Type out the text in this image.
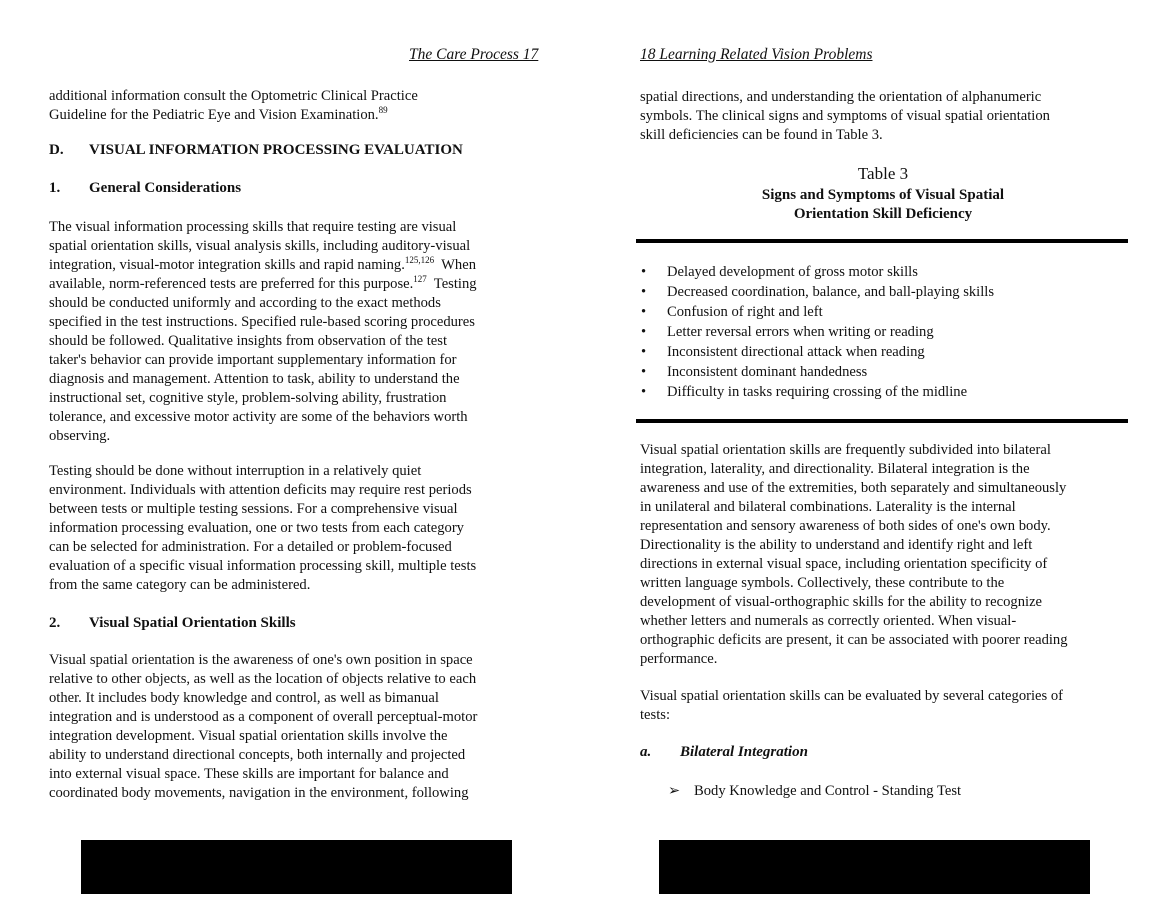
The Care Process 17
additional information consult the Optometric Clinical Practice
Guideline for the Pediatric Eye and Vision Examination.$^{89}$
D. VISUAL INFORMATION PROCESSING EVALUATION
1. General Considerations
The visual information processing skills that require testing are visual
spatial orientation skills, visual analysis skills, including auditory-visual
integration, visual-motor integration skills and rapid naming.$^{125,126}$  When
available, norm-referenced tests are preferred for this purpose.$^{127}$  Testing
should be conducted uniformly and according to the exact methods
specified in the test instructions. Specified rule-based scoring procedures
should be followed. Qualitative insights from observation of the test
taker's behavior can provide important supplementary information for
diagnosis and management. Attention to task, ability to understand the
instructional set, cognitive style, problem-solving ability, frustration
tolerance, and excessive motor activity are some of the behaviors worth
observing.
Testing should be done without interruption in a relatively quiet
environment. Individuals with attention deficits may require rest periods
between tests or multiple testing sessions. For a comprehensive visual
information processing evaluation, one or two tests from each category
can be selected for administration. For a detailed or problem-focused
evaluation of a specific visual information processing skill, multiple tests
from the same category can be administered.
2. Visual Spatial Orientation Skills
Visual spatial orientation is the awareness of one's own position in space
relative to other objects, as well as the location of objects relative to each
other. It includes body knowledge and control, as well as bimanual
integration and is understood as a component of overall perceptual-motor
integration development. Visual spatial orientation skills involve the
ability to understand directional concepts, both internally and projected
into external visual space. These skills are important for balance and
coordinated body movements, navigation in the environment, following
18 Learning Related Vision Problems
spatial directions, and understanding the orientation of alphanumeric
symbols. The clinical signs and symptoms of visual spatial orientation
skill deficiencies can be found in Table 3.
Table 3
Signs and Symptoms of Visual Spatial
Orientation Skill Deficiency
• Delayed development of gross motor skills
• Decreased coordination, balance, and ball-playing skills
• Confusion of right and left
• Letter reversal errors when writing or reading
• Inconsistent directional attack when reading
• Inconsistent dominant handedness
• Difficulty in tasks requiring crossing of the midline
Visual spatial orientation skills are frequently subdivided into bilateral
integration, laterality, and directionality. Bilateral integration is the
awareness and use of the extremities, both separately and simultaneously
in unilateral and bilateral combinations. Laterality is the internal
representation and sensory awareness of both sides of one's own body.
Directionality is the ability to understand and identify right and left
directions in external visual space, including orientation specificity of
written language symbols. Collectively, these contribute to the
development of visual-orthographic skills for the ability to recognize
whether letters and numerals as correctly oriented. When visual-
orthographic deficits are present, it can be associated with poorer reading
performance.
Visual spatial orientation skills can be evaluated by several categories of
tests:
a. Bilateral Integration
➢ Body Knowledge and Control - Standing Test
